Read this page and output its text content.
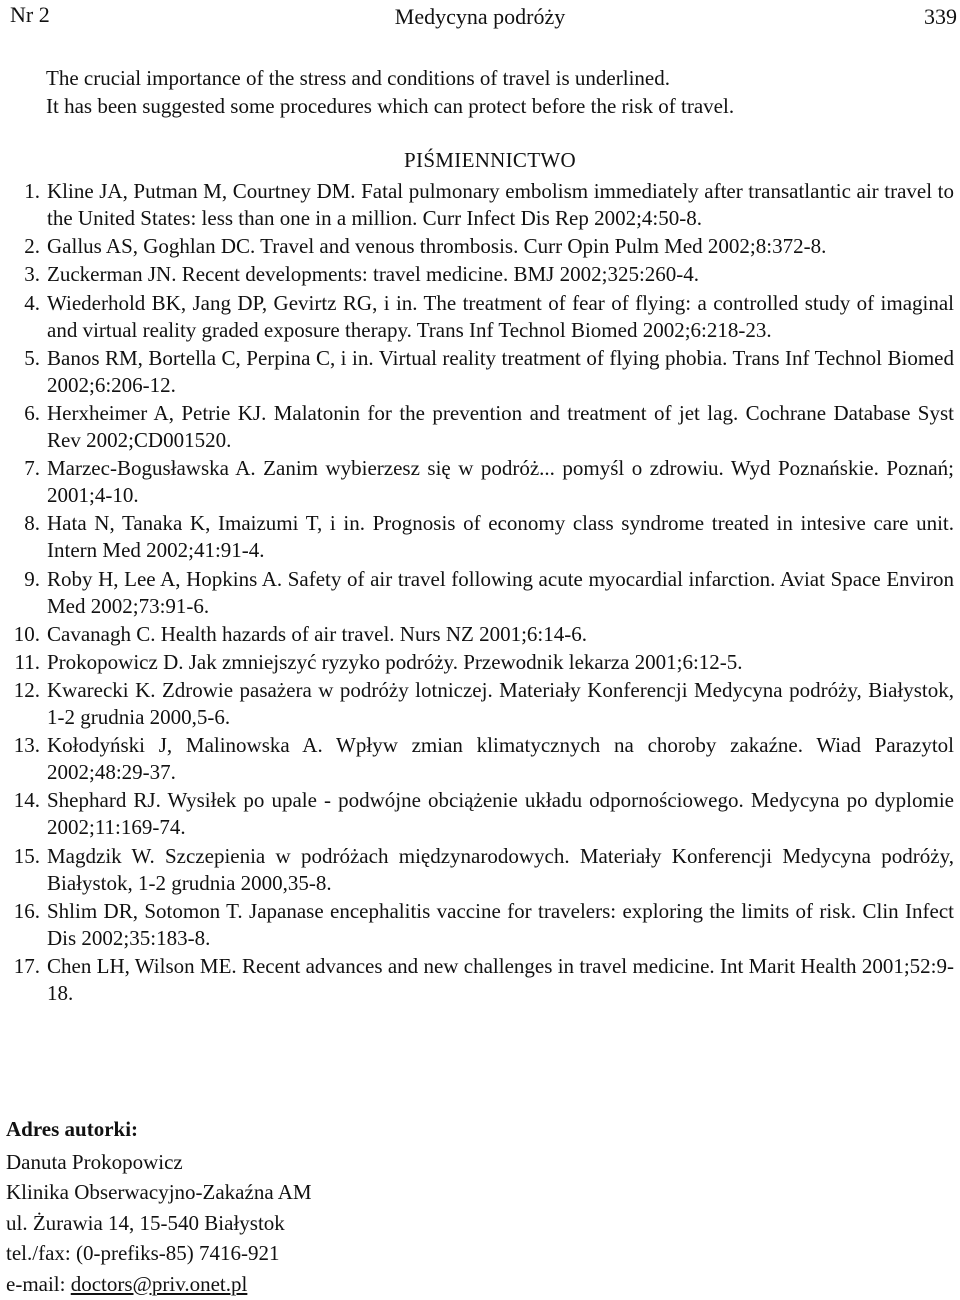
Nr 2	Medycyna podróży	339
The crucial importance of the stress and conditions of travel is underlined.
It has been suggested some procedures which can protect before the risk of travel.
PIŚMIENNICTWO
1. Kline JA, Putman M, Courtney DM. Fatal pulmonary embolism immediately after transatlantic air travel to the United States: less than one in a million. Curr Infect Dis Rep 2002;4:50-8.
2. Gallus AS, Goghlan DC. Travel and venous thrombosis. Curr Opin Pulm Med 2002;8:372-8.
3. Zuckerman JN. Recent developments: travel medicine. BMJ 2002;325:260-4.
4. Wiederhold BK, Jang DP, Gevirtz RG, i in. The treatment of fear of flying: a controlled study of imaginal and virtual reality graded exposure therapy. Trans Inf Technol Biomed 2002;6:218-23.
5. Banos RM, Bortella C, Perpina C, i in. Virtual reality treatment of flying phobia. Trans Inf Technol Biomed 2002;6:206-12.
6. Herxheimer A, Petrie KJ. Malatonin for the prevention and treatment of jet lag. Cochrane Database Syst Rev 2002;CD001520.
7. Marzec-Bogusławska A. Zanim wybierzesz się w podróż... pomyśl o zdrowiu. Wyd Poznańskie. Poznań; 2001;4-10.
8. Hata N, Tanaka K, Imaizumi T, i in. Prognosis of economy class syndrome treated in intesive care unit. Intern Med 2002;41:91-4.
9. Roby H, Lee A, Hopkins A. Safety of air travel following acute myocardial infarction. Aviat Space Environ Med 2002;73:91-6.
10. Cavanagh C. Health hazards of air travel. Nurs NZ 2001;6:14-6.
11. Prokopowicz D. Jak zmniejszyć ryzyko podróży. Przewodnik lekarza 2001;6:12-5.
12. Kwarecki K. Zdrowie pasażera w podróży lotniczej. Materiały Konferencji Medycyna podróży, Białystok, 1-2 grudnia 2000,5-6.
13. Kołodyński J, Malinowska A. Wpływ zmian klimatycznych na choroby zakaźne. Wiad Parazytol 2002;48:29-37.
14. Shephard RJ. Wysiłek po upale - podwójne obciążenie układu odpornościowego. Medycyna po dyplomie 2002;11:169-74.
15. Magdzik W. Szczepienia w podróżach międzynarodowych. Materiały Konferencji Medycyna podróży, Białystok, 1-2 grudnia 2000,35-8.
16. Shlim DR, Sotomon T. Japanase encephalitis vaccine for travelers: exploring the limits of risk. Clin Infect Dis 2002;35:183-8.
17. Chen LH, Wilson ME. Recent advances and new challenges in travel medicine. Int Marit Health 2001;52:9-18.
Adres autorki:
Danuta Prokopowicz
Klinika Obserwacyjno-Zakaźna AM
ul. Żurawia 14, 15-540 Białystok
tel./fax: (0-prefiks-85) 7416-921
e-mail: doctors@priv.onet.pl
